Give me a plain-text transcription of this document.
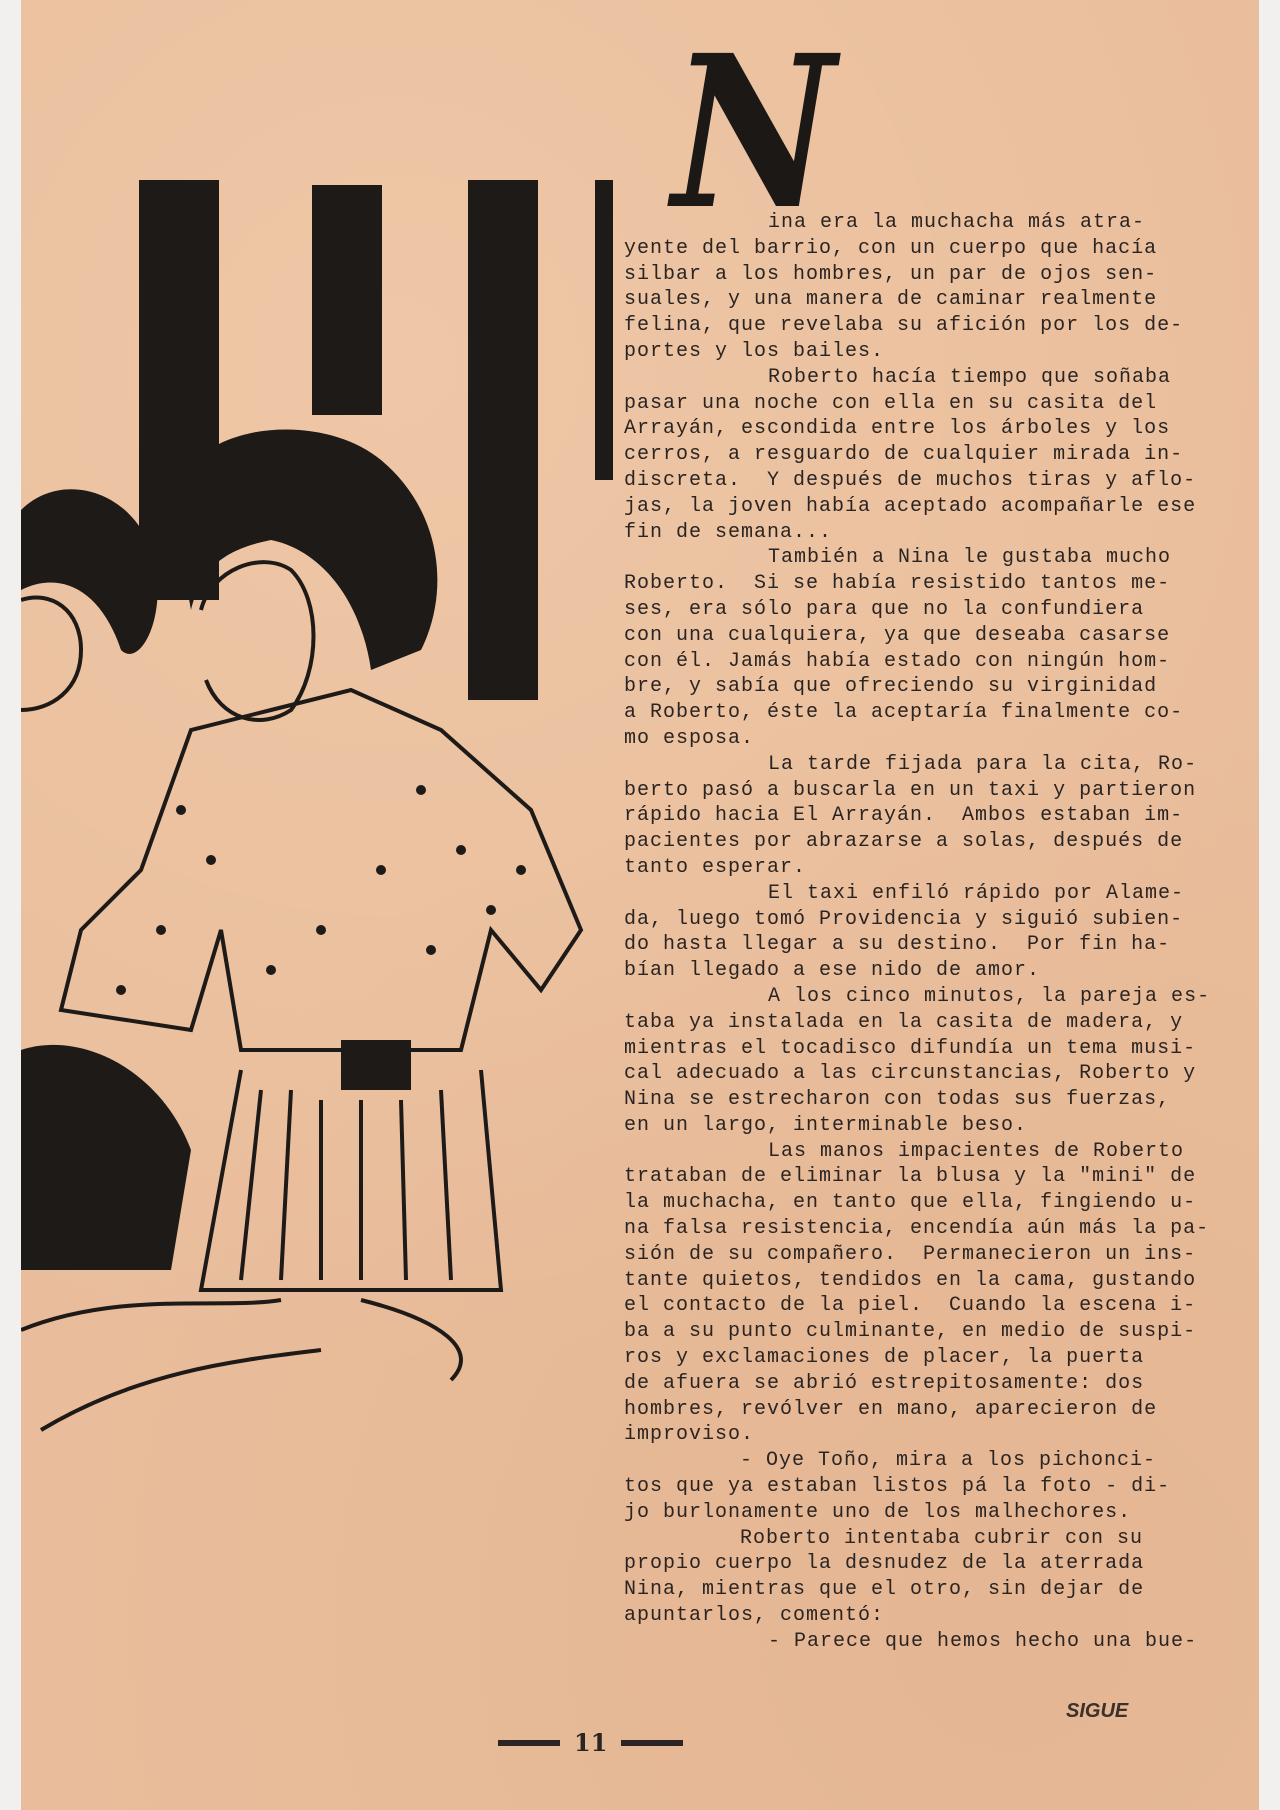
N
ina era la muchacha más atra-
yente del barrio, con un cuerpo que hacía
silbar a los hombres, un par de ojos sen-
suales, y una manera de caminar realmente
felina, que revelaba su afición por los de-
portes y los bailes.
Roberto hacía tiempo que soñaba
pasar una noche con ella en su casita del
Arrayán, escondida entre los árboles y los
cerros, a resguardo de cualquier mirada in-
discreta.  Y después de muchos tiras y aflo-
jas, la joven había aceptado acompañarle ese
fin de semana...
También a Nina le gustaba mucho
Roberto.  Si se había resistido tantos me-
ses, era sólo para que no la confundiera
con una cualquiera, ya que deseaba casarse
con él. Jamás había estado con ningún hom-
bre, y sabía que ofreciendo su virginidad
a Roberto, éste la aceptaría finalmente co-
mo esposa.
La tarde fijada para la cita, Ro-
berto pasó a buscarla en un taxi y partieron
rápido hacia El Arrayán.  Ambos estaban im-
pacientes por abrazarse a solas, después de
tanto esperar.
El taxi enfiló rápido por Alame-
da, luego tomó Providencia y siguió subien-
do hasta llegar a su destino.  Por fin ha-
bían llegado a ese nido de amor.
A los cinco minutos, la pareja es-
taba ya instalada en la casita de madera, y
mientras el tocadisco difundía un tema musi-
cal adecuado a las circunstancias, Roberto y
Nina se estrecharon con todas sus fuerzas,
en un largo, interminable beso.
Las manos impacientes de Roberto
trataban de eliminar la blusa y la "mini" de
la muchacha, en tanto que ella, fingiendo u-
na falsa resistencia, encendía aún más la pa-
sión de su compañero.  Permanecieron un ins-
tante quietos, tendidos en la cama, gustando
el contacto de la piel.  Cuando la escena i-
ba a su punto culminante, en medio de suspi-
ros y exclamaciones de placer, la puerta
de afuera se abrió estrepitosamente: dos
hombres, revólver en mano, aparecieron de
improviso.
- Oye Toño, mira a los pichonci-
tos que ya estaban listos pá la foto - di-
jo burlonamente uno de los malhechores.
Roberto intentaba cubrir con su
propio cuerpo la desnudez de la aterrada
Nina, mientras que el otro, sin dejar de
apuntarlos, comentó:
- Parece que hemos hecho una bue-
SIGUE
11
